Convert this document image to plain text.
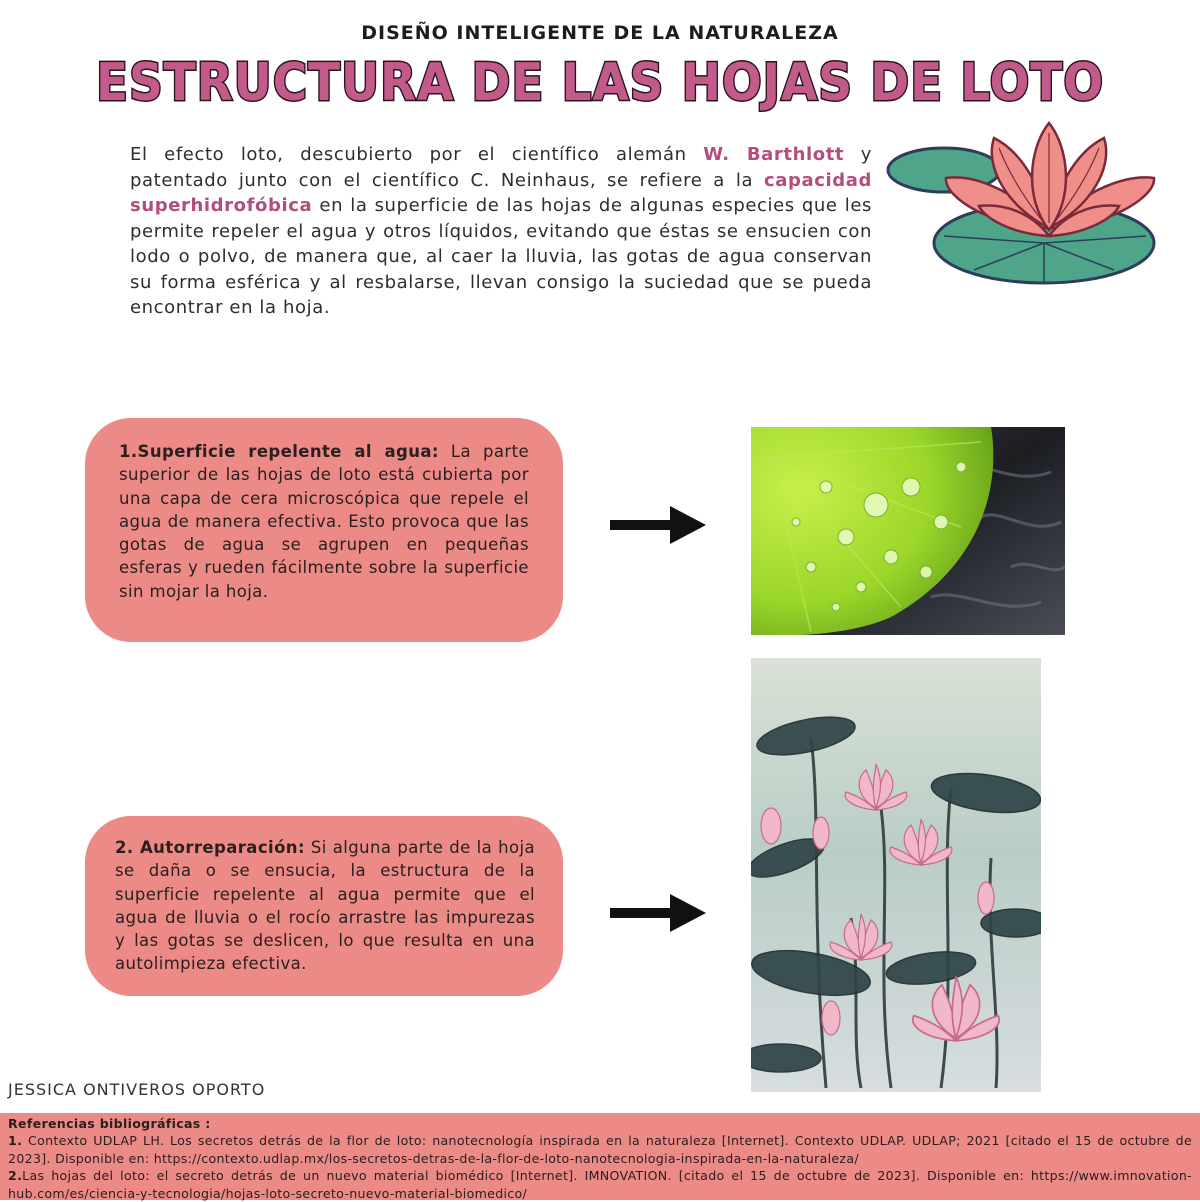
DISEÑO INTELIGENTE DE LA NATURALEZA
ESTRUCTURA DE LAS HOJAS DE LOTO
El efecto loto, descubierto por el científico alemán W. Barthlott y patentado junto con el científico C. Neinhaus, se refiere a la capacidad superhidrofóbica en la superficie de las hojas de algunas especies que les permite repeler el agua y otros líquidos, evitando que éstas se ensucien con lodo o polvo, de manera que, al caer la lluvia, las gotas de agua conservan su forma esférica y al resbalarse, llevan consigo la suciedad que se pueda encontrar en la hoja.
1.Superficie repelente al agua: La parte superior de las hojas de loto está cubierta por una capa de cera microscópica que repele el agua de manera efectiva. Esto provoca que las gotas de agua se agrupen en pequeñas esferas y rueden fácilmente sobre la superficie sin mojar la hoja.
2. Autorreparación: Si alguna parte de la hoja se daña o se ensucia, la estructura de la superficie repelente al agua permite que el agua de lluvia o el rocío arrastre las impurezas y las gotas se deslicen, lo que resulta en una autolimpieza efectiva.
JESSICA ONTIVEROS OPORTO
Referencias bibliográficas :
1. Contexto UDLAP LH. Los secretos detrás de la flor de loto: nanotecnología inspirada en la naturaleza [Internet]. Contexto UDLAP. UDLAP; 2021 [citado el 15 de octubre de 2023]. Disponible en: https://contexto.udlap.mx/los-secretos-detras-de-la-flor-de-loto-nanotecnologia-inspirada-en-la-naturaleza/
2.Las hojas del loto: el secreto detrás de un nuevo material biomédico [Internet]. IMNOVATION. [citado el 15 de octubre de 2023]. Disponible en: https://www.imnovation-hub.com/es/ciencia-y-tecnologia/hojas-loto-secreto-nuevo-material-biomedico/
